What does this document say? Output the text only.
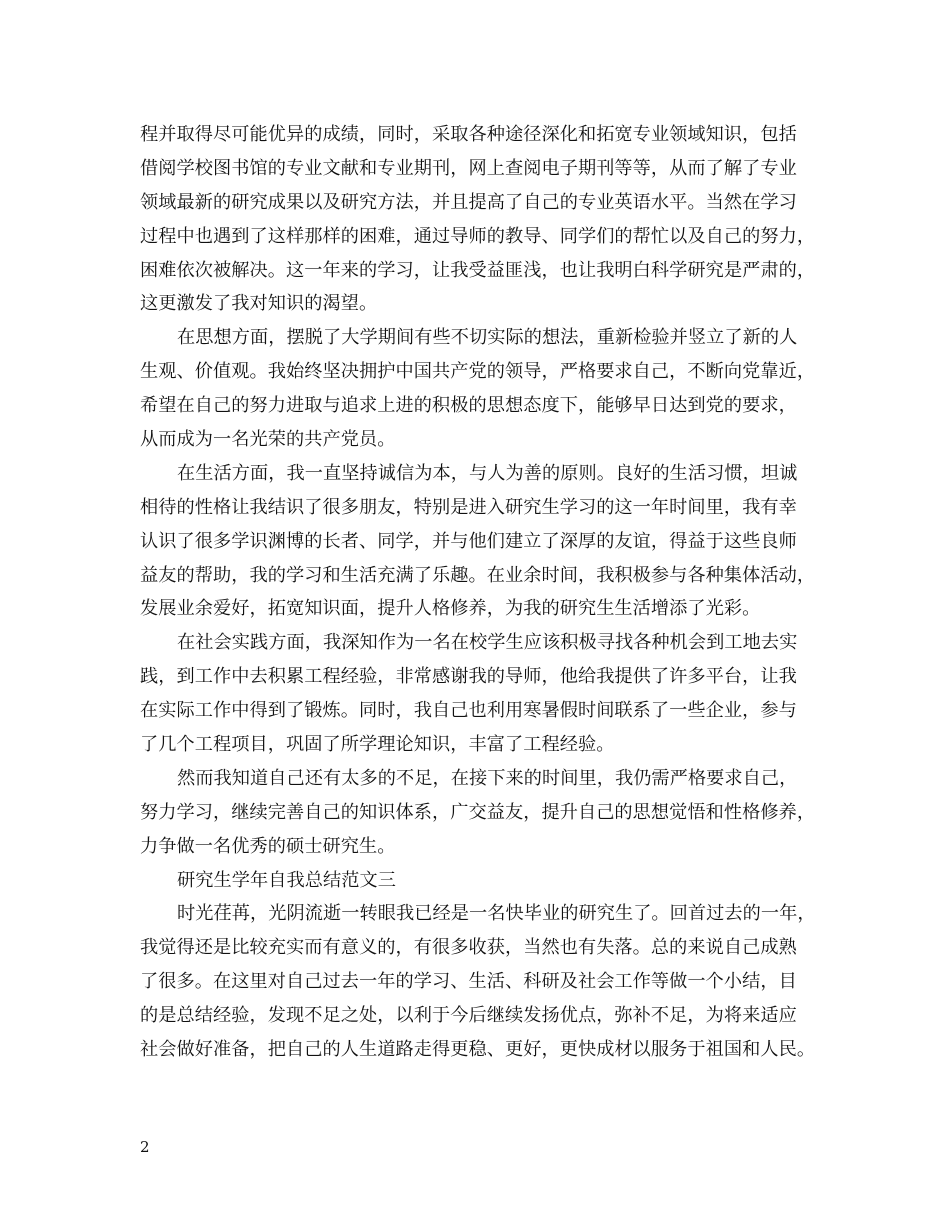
程并取得尽可能优异的成绩，同时，采取各种途径深化和拓宽专业领域知识，包括
借阅学校图书馆的专业文献和专业期刊，网上查阅电子期刊等等，从而了解了专业
领域最新的研究成果以及研究方法，并且提高了自己的专业英语水平。当然在学习
过程中也遇到了这样那样的困难，通过导师的教导、同学们的帮忙以及自己的努力，
困难依次被解决。这一年来的学习，让我受益匪浅，也让我明白科学研究是严肃的，
这更激发了我对知识的渴望。
在思想方面，摆脱了大学期间有些不切实际的想法，重新检验并竖立了新的人
生观、价值观。我始终坚决拥护中国共产党的领导，严格要求自己，不断向党靠近，
希望在自己的努力进取与追求上进的积极的思想态度下，能够早日达到党的要求，
从而成为一名光荣的共产党员。
在生活方面，我一直坚持诚信为本，与人为善的原则。良好的生活习惯，坦诚
相待的性格让我结识了很多朋友，特别是进入研究生学习的这一年时间里，我有幸
认识了很多学识渊博的长者、同学，并与他们建立了深厚的友谊，得益于这些良师
益友的帮助，我的学习和生活充满了乐趣。在业余时间，我积极参与各种集体活动，
发展业余爱好，拓宽知识面，提升人格修养，为我的研究生生活增添了光彩。
在社会实践方面，我深知作为一名在校学生应该积极寻找各种机会到工地去实
践，到工作中去积累工程经验，非常感谢我的导师，他给我提供了许多平台，让我
在实际工作中得到了锻炼。同时，我自己也利用寒暑假时间联系了一些企业，参与
了几个工程项目，巩固了所学理论知识，丰富了工程经验。
然而我知道自己还有太多的不足，在接下来的时间里，我仍需严格要求自己，
努力学习，继续完善自己的知识体系，广交益友，提升自己的思想觉悟和性格修养，
力争做一名优秀的硕士研究生。
研究生学年自我总结范文三
时光荏苒，光阴流逝一转眼我已经是一名快毕业的研究生了。回首过去的一年，
我觉得还是比较充实而有意义的，有很多收获，当然也有失落。总的来说自己成熟
了很多。在这里对自己过去一年的学习、生活、科研及社会工作等做一个小结，目
的是总结经验，发现不足之处，以利于今后继续发扬优点，弥补不足，为将来适应
社会做好准备，把自己的人生道路走得更稳、更好，更快成材以服务于祖国和人民。
2
